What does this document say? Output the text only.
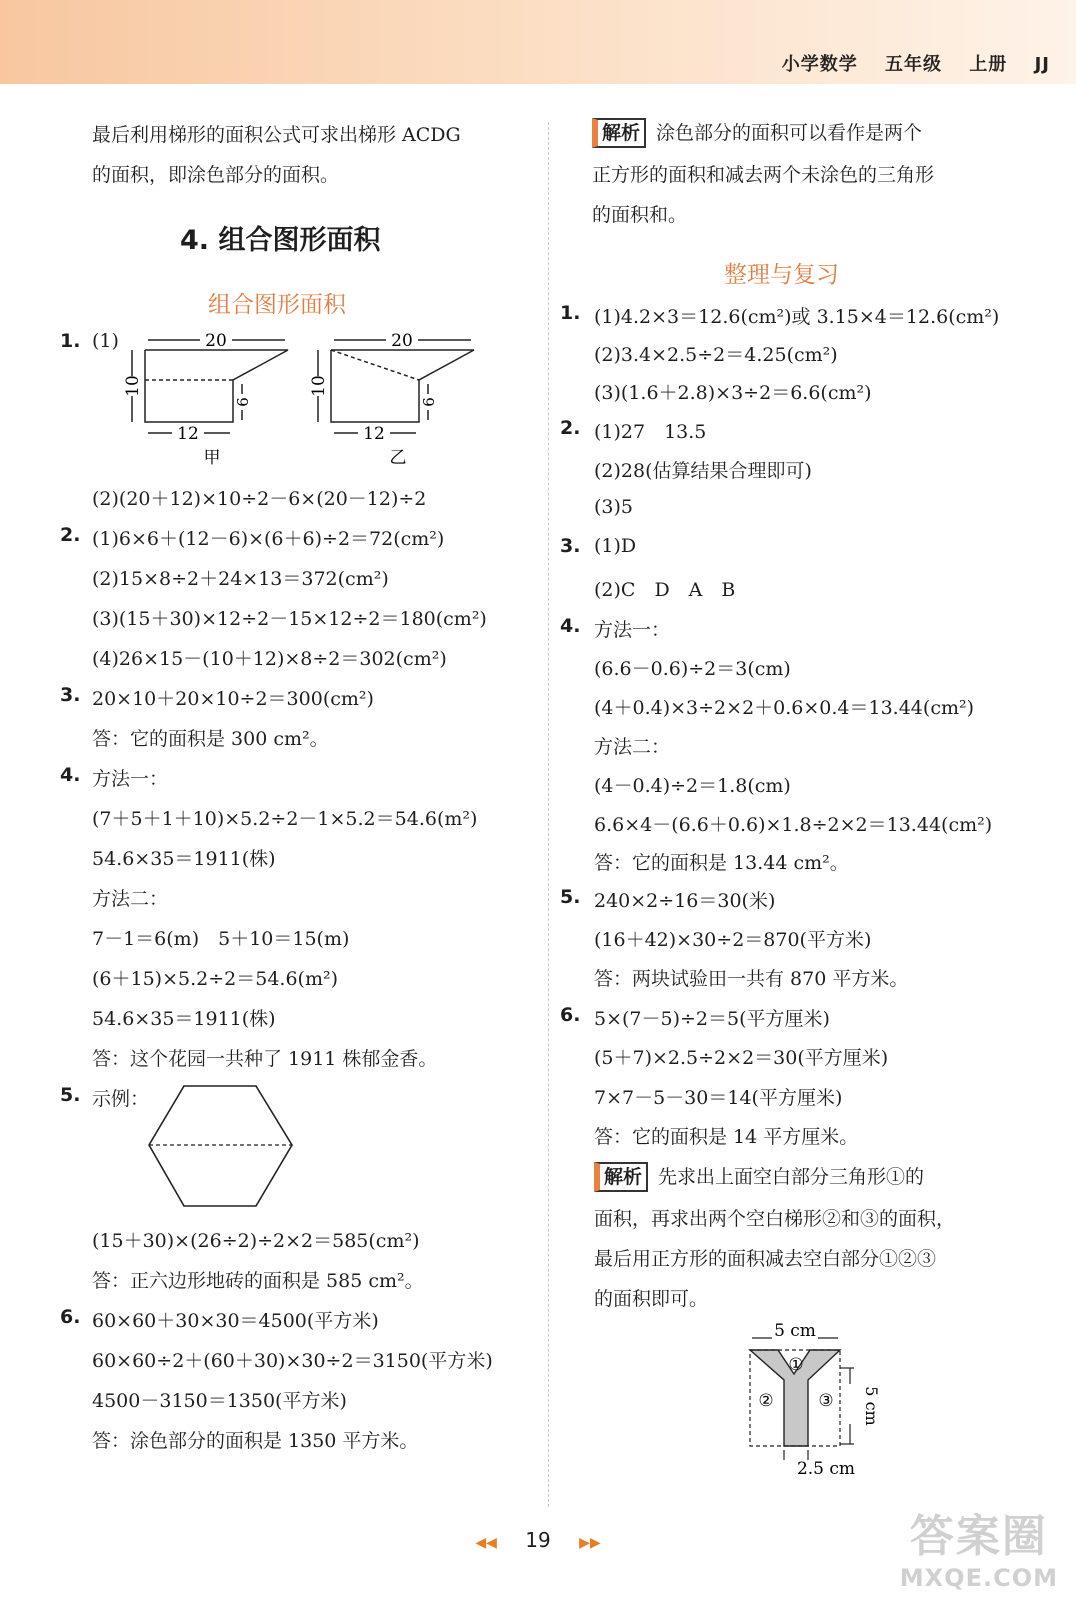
小学数学 五年级 上册 JJ
最后利用梯形的面积公式可求出梯形 ACDG
的面积，即涂色部分的面积。
4. 组合图形面积
组合图形面积
1. (1)	20
10
6
12
甲
20
10
6
12
乙
(2)(20＋12)×10÷2－6×(20－12)÷2
2. (1)6×6＋(12－6)×(6＋6)÷2＝72(cm²)
(2)15×8÷2＋24×13＝372(cm²)
(3)(15＋30)×12÷2－15×12÷2＝180(cm²)
(4)26×15－(10＋12)×8÷2＝302(cm²)
3. 20×10＋20×10÷2＝300(cm²)
答：它的面积是 300 cm²。
4. 方法一：
(7＋5＋1＋10)×5.2÷2－1×5.2＝54.6(m²)
54.6×35＝1911(株)
方法二：
7－1＝6(m)　5＋10＝15(m)
(6＋15)×5.2÷2＝54.6(m²)
54.6×35＝1911(株)
答：这个花园一共种了 1911 株郁金香。
5. 示例：
(15＋30)×(26÷2)÷2×2＝585(cm²)
答：正六边形地砖的面积是 585 cm²。
6. 60×60＋30×30＝4500(平方米)
60×60÷2＋(60＋30)×30÷2＝3150(平方米)
4500－3150＝1350(平方米)
答：涂色部分的面积是 1350 平方米。
解析 涂色部分的面积可以看作是两个
正方形的面积和减去两个未涂色的三角形
的面积和。
整理与复习
1. (1)4.2×3＝12.6(cm²)或 3.15×4＝12.6(cm²)
(2)3.4×2.5÷2＝4.25(cm²)
(3)(1.6＋2.8)×3÷2＝6.6(cm²)
2. (1)27　13.5
(2)28(估算结果合理即可)
(3)5
3. (1)D
(2)C　D　A　B
4. 方法一：
(6.6－0.6)÷2＝3(cm)
(4＋0.4)×3÷2×2＋0.6×0.4＝13.44(cm²)
方法二：
(4－0.4)÷2＝1.8(cm)
6.6×4－(6.6＋0.6)×1.8÷2×2＝13.44(cm²)
答：它的面积是 13.44 cm²。
5. 240×2÷16＝30(米)
(16＋42)×30÷2＝870(平方米)
答：两块试验田一共有 870 平方米。
6. 5×(7－5)÷2＝5(平方厘米)
(5＋7)×2.5÷2×2＝30(平方厘米)
7×7－5－30＝14(平方厘米)
答：它的面积是 14 平方厘米。
解析 先求出上面空白部分三角形①的
面积，再求出两个空白梯形②和③的面积，
最后用正方形的面积减去空白部分①②③
的面积即可。
5 cm
①
②	③ 5 cm
2.5 cm
◀◀ 19 ▶▶	答案圈
MXQE.COM
